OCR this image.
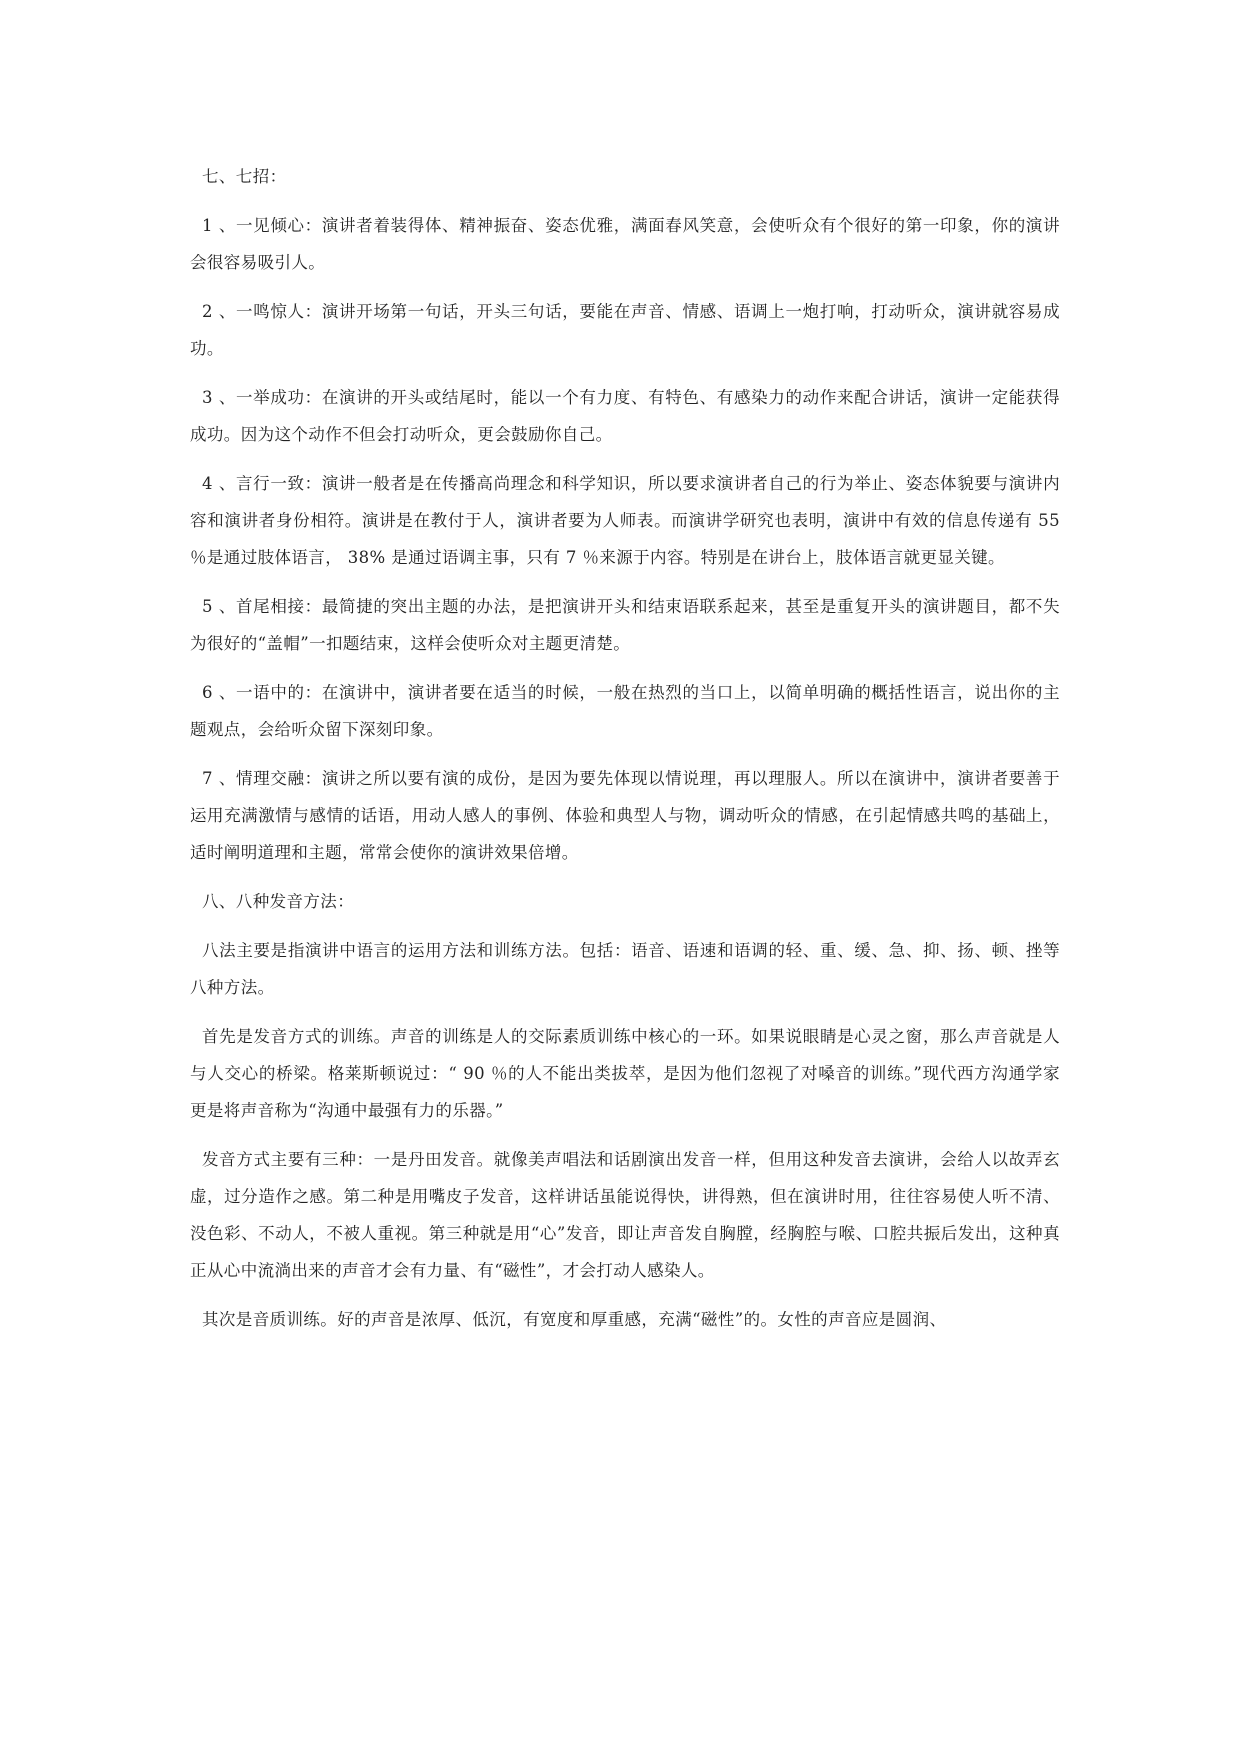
七、七招：

1 、一见倾心：演讲者着装得体、精神振奋、姿态优雅，满面春风笑意，会使听众有个很好的第一印象，你的演讲会很容易吸引人。

2 、一鸣惊人：演讲开场第一句话，开头三句话，要能在声音、情感、语调上一炮打响，打动听众，演讲就容易成功。

3 、一举成功：在演讲的开头或结尾时，能以一个有力度、有特色、有感染力的动作来配合讲话，演讲一定能获得成功。因为这个动作不但会打动听众，更会鼓励你自己。

4 、言行一致：演讲一般者是在传播高尚理念和科学知识，所以要求演讲者自己的行为举止、姿态体貌要与演讲内容和演讲者身份相符。演讲是在教付于人，演讲者要为人师表。而演讲学研究也表明，演讲中有效的信息传递有 55 ％是通过肢体语言， 38% 是通过语调主事，只有 7 ％来源于内容。特别是在讲台上，肢体语言就更显关键。

5 、首尾相接：最简捷的突出主题的办法，是把演讲开头和结束语联系起来，甚至是重复开头的演讲题目，都不失为很好的“盖帽”一扣题结束，这样会使听众对主题更清楚。

6 、一语中的：在演讲中，演讲者要在适当的时候，一般在热烈的当口上，以简单明确的概括性语言，说出你的主题观点，会给听众留下深刻印象。

7 、情理交融：演讲之所以要有演的成份，是因为要先体现以情说理，再以理服人。所以在演讲中，演讲者要善于运用充满激情与感情的话语，用动人感人的事例、体验和典型人与物，调动听众的情感，在引起情感共鸣的基础上，适时阐明道理和主题，常常会使你的演讲效果倍增。

八、八种发音方法：

八法主要是指演讲中语言的运用方法和训练方法。包括：语音、语速和语调的轻、重、缓、急、抑、扬、顿、挫等八种方法。

首先是发音方式的训练。声音的训练是人的交际素质训练中核心的一环。如果说眼睛是心灵之窗，那么声音就是人与人交心的桥梁。格莱斯顿说过：“ 90 ％的人不能出类拔萃，是因为他们忽视了对嗓音的训练。”现代西方沟通学家更是将声音称为“沟通中最强有力的乐器。”

发音方式主要有三种：一是丹田发音。就像美声唱法和话剧演出发音一样，但用这种发音去演讲，会给人以故弄玄虚，过分造作之感。第二种是用嘴皮子发音，这样讲话虽能说得快，讲得熟，但在演讲时用，往往容易使人听不清、没色彩、不动人，不被人重视。第三种就是用“心”发音，即让声音发自胸膛，经胸腔与喉、口腔共振后发出，这种真正从心中流淌出来的声音才会有力量、有“磁性”，才会打动人感染人。

其次是音质训练。好的声音是浓厚、低沉，有宽度和厚重感，充满“磁性”的。女性的声音应是圆润、
